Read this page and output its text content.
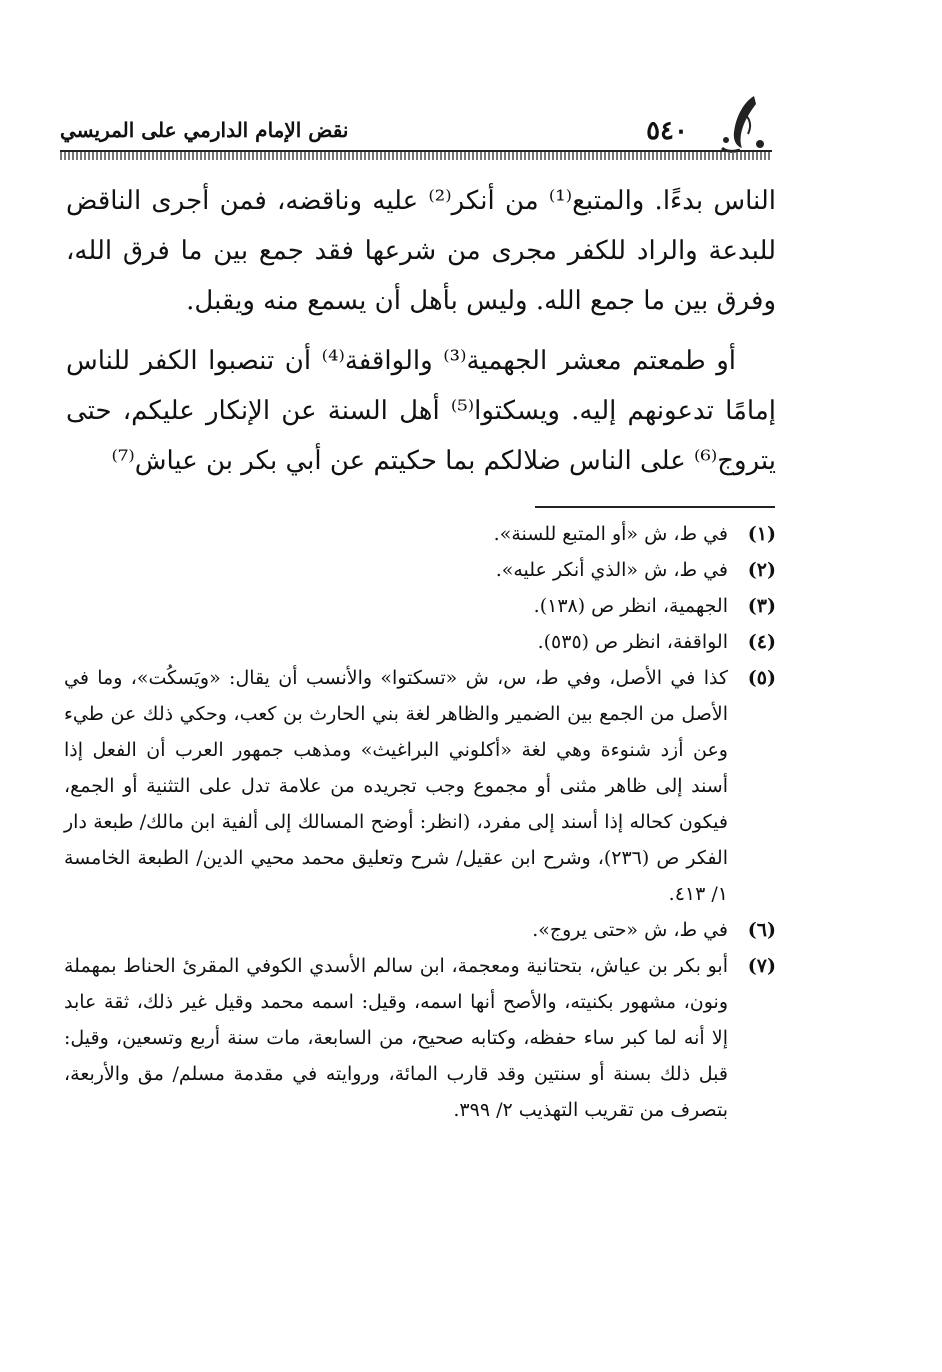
٥٤٠
نقض الإمام الدارمي على المريسي

الناس بدءًا. والمتبع⁽¹⁾ من أنكر⁽²⁾ عليه وناقضه، فمن أجرى الناقض للبدعة والراد للكفر مجرى من شرعها فقد جمع بين ما فرق الله، وفرق بين ما جمع الله. وليس بأهل أن يسمع منه ويقبل.

أو طمعتم معشر الجهمية⁽³⁾ والواقفة⁽⁴⁾ أن تنصبوا الكفر للناس إمامًا تدعونهم إليه. ويسكتوا⁽⁵⁾ أهل السنة عن الإنكار عليكم، حتى يتروج⁽⁶⁾ على الناس ضلالكم بما حكيتم عن أبي بكر بن عياش⁽⁷⁾

(١)
في ط، ش «أو المتبع للسنة».
(٢)
في ط، ش «الذي أنكر عليه».
(٣)
الجهمية، انظر ص (١٣٨).
(٤)
الواقفة، انظر ص (٥٣٥).
(٥)
كذا في الأصل، وفي ط، س، ش «تسكتوا» والأنسب أن يقال: «ويَسكُت»، وما في الأصل من الجمع بين الضمير والظاهر لغة بني الحارث بن كعب، وحكي ذلك عن طيء وعن أزد شنوءة وهي لغة «أكلوني البراغيث» ومذهب جمهور العرب أن الفعل إذا أسند إلى ظاهر مثنى أو مجموع وجب تجريده من علامة تدل على التثنية أو الجمع، فيكون كحاله إذا أسند إلى مفرد، (انظر: أوضح المسالك إلى ألفية ابن مالك/ طبعة دار الفكر ص (٢٣٦)، وشرح ابن عقيل/ شرح وتعليق محمد محيي الدين/ الطبعة الخامسة ١/ ٤١٣.
(٦)
في ط، ش «حتى يروج».
(٧)
أبو بكر بن عياش، بتحتانية ومعجمة، ابن سالم الأسدي الكوفي المقرئ الحناط بمهملة ونون، مشهور بكنيته، والأصح أنها اسمه، وقيل: اسمه محمد وقيل غير ذلك، ثقة عابد إلا أنه لما كبر ساء حفظه، وكتابه صحيح، من السابعة، مات سنة أربع وتسعين، وقيل: قبل ذلك بسنة أو سنتين وقد قارب المائة، وروايته في مقدمة مسلم/ مق والأربعة، بتصرف من تقريب التهذيب ٢/ ٣٩٩.
